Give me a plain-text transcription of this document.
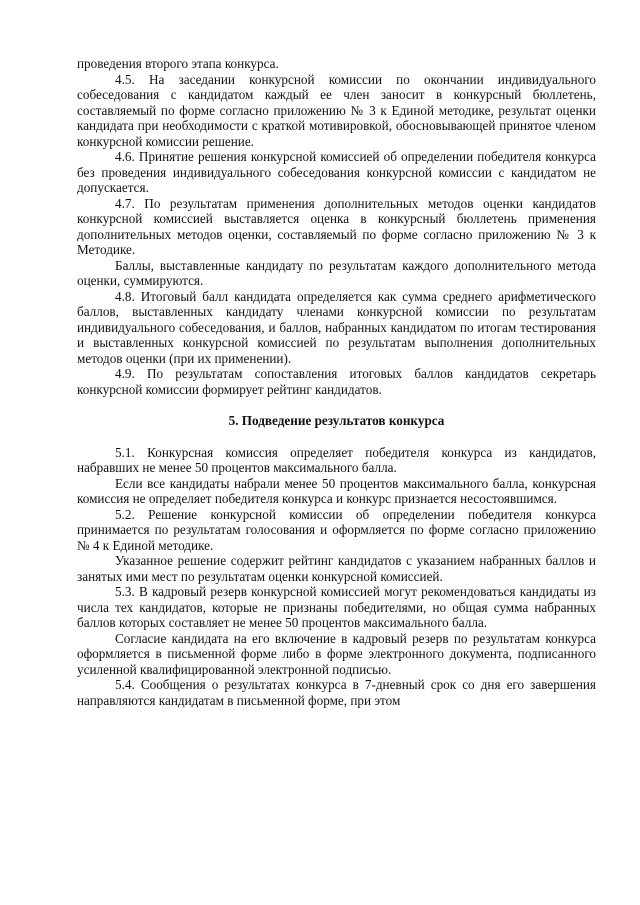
проведения второго этапа конкурса.

4.5. На заседании конкурсной комиссии по окончании индивидуального собеседования с кандидатом каждый ее член заносит в конкурсный бюллетень, составляемый по форме согласно приложению № 3 к Единой методике, результат оценки кандидата при необходимости с краткой мотивировкой, обосновывающей принятое членом конкурсной комиссии решение.

4.6. Принятие решения конкурсной комиссией об определении победителя конкурса без проведения индивидуального собеседования конкурсной комиссии с кандидатом не допускается.

4.7. По результатам применения дополнительных методов оценки кандидатов конкурсной комиссией выставляется оценка в конкурсный бюллетень применения дополнительных методов оценки, составляемый по форме согласно приложению № 3 к Методике.

Баллы, выставленные кандидату по результатам каждого дополнительного метода оценки, суммируются.

4.8. Итоговый балл кандидата определяется как сумма среднего арифметического баллов, выставленных кандидату членами конкурсной комиссии по результатам индивидуального собеседования, и баллов, набранных кандидатом по итогам тестирования и выставленных конкурсной комиссией по результатам выполнения дополнительных методов оценки (при их применении).

4.9. По результатам сопоставления итоговых баллов кандидатов секретарь конкурсной комиссии формирует рейтинг кандидатов.

5. Подведение результатов конкурса

5.1. Конкурсная комиссия определяет победителя конкурса из кандидатов, набравших не менее 50 процентов максимального балла.

Если все кандидаты набрали менее 50 процентов максимального балла, конкурсная комиссия не определяет победителя конкурса и конкурс признается несостоявшимся.

5.2. Решение конкурсной комиссии об определении победителя конкурса принимается по результатам голосования и оформляется по форме согласно приложению № 4 к Единой методике.

Указанное решение содержит рейтинг кандидатов с указанием набранных баллов и занятых ими мест по результатам оценки конкурсной комиссией.

5.3. В кадровый резерв конкурсной комиссией могут рекомендоваться кандидаты из числа тех кандидатов, которые не признаны победителями, но общая сумма набранных баллов которых составляет не менее 50 процентов максимального балла.

Согласие кандидата на его включение в кадровый резерв по результатам конкурса оформляется в письменной форме либо в форме электронного документа, подписанного усиленной квалифицированной электронной подписью.

5.4. Сообщения о результатах конкурса в 7-дневный срок со дня его завершения направляются кандидатам в письменной форме, при этом
